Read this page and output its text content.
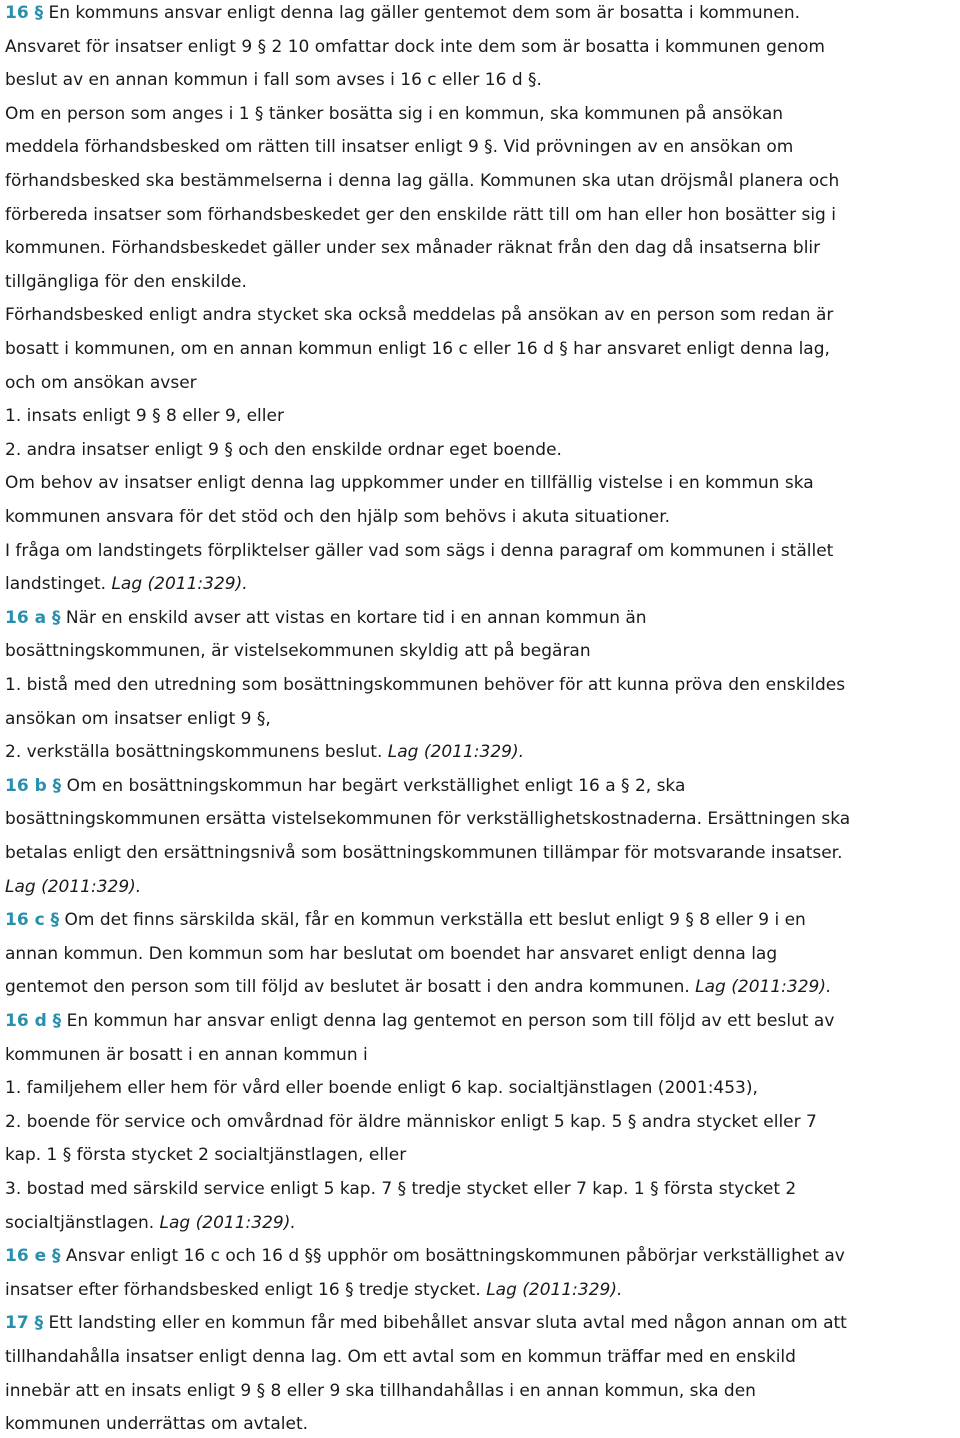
16 § En kommuns ansvar enligt denna lag gäller gentemot dem som är bosatta i kommunen.
Ansvaret för insatser enligt 9 § 2 10 omfattar dock inte dem som är bosatta i kommunen genom
beslut av en annan kommun i fall som avses i 16 c eller 16 d §.
Om en person som anges i 1 § tänker bosätta sig i en kommun, ska kommunen på ansökan
meddela förhandsbesked om rätten till insatser enligt 9 §. Vid prövningen av en ansökan om
förhandsbesked ska bestämmelserna i denna lag gälla. Kommunen ska utan dröjsmål planera och
förbereda insatser som förhandsbeskedet ger den enskilde rätt till om han eller hon bosätter sig i
kommunen. Förhandsbeskedet gäller under sex månader räknat från den dag då insatserna blir
tillgängliga för den enskilde.
Förhandsbesked enligt andra stycket ska också meddelas på ansökan av en person som redan är
bosatt i kommunen, om en annan kommun enligt 16 c eller 16 d § har ansvaret enligt denna lag,
och om ansökan avser
1. insats enligt 9 § 8 eller 9, eller
2. andra insatser enligt 9 § och den enskilde ordnar eget boende.
Om behov av insatser enligt denna lag uppkommer under en tillfällig vistelse i en kommun ska
kommunen ansvara för det stöd och den hjälp som behövs i akuta situationer.
I fråga om landstingets förpliktelser gäller vad som sägs i denna paragraf om kommunen i stället
landstinget. Lag (2011:329).
16 a § När en enskild avser att vistas en kortare tid i en annan kommun än
bosättningskommunen, är vistelsekommunen skyldig att på begäran
1. bistå med den utredning som bosättningskommunen behöver för att kunna pröva den enskildes
ansökan om insatser enligt 9 §,
2. verkställa bosättningskommunens beslut. Lag (2011:329).
16 b § Om en bosättningskommun har begärt verkställighet enligt 16 a § 2, ska
bosättningskommunen ersätta vistelsekommunen för verkställighetskostnaderna. Ersättningen ska
betalas enligt den ersättningsnivå som bosättningskommunen tillämpar för motsvarande insatser.
Lag (2011:329).
16 c § Om det finns särskilda skäl, får en kommun verkställa ett beslut enligt 9 § 8 eller 9 i en
annan kommun. Den kommun som har beslutat om boendet har ansvaret enligt denna lag
gentemot den person som till följd av beslutet är bosatt i den andra kommunen. Lag (2011:329).
16 d § En kommun har ansvar enligt denna lag gentemot en person som till följd av ett beslut av
kommunen är bosatt i en annan kommun i
1. familjehem eller hem för vård eller boende enligt 6 kap. socialtjänstlagen (2001:453),
2. boende för service och omvårdnad för äldre människor enligt 5 kap. 5 § andra stycket eller 7
kap. 1 § första stycket 2 socialtjänstlagen, eller
3. bostad med särskild service enligt 5 kap. 7 § tredje stycket eller 7 kap. 1 § första stycket 2
socialtjänstlagen. Lag (2011:329).
16 e § Ansvar enligt 16 c och 16 d §§ upphör om bosättningskommunen påbörjar verkställighet av
insatser efter förhandsbesked enligt 16 § tredje stycket. Lag (2011:329).
17 § Ett landsting eller en kommun får med bibehållet ansvar sluta avtal med någon annan om att
tillhandahålla insatser enligt denna lag. Om ett avtal som en kommun träffar med en enskild
innebär att en insats enligt 9 § 8 eller 9 ska tillhandahållas i en annan kommun, ska den
kommunen underrättas om avtalet.
